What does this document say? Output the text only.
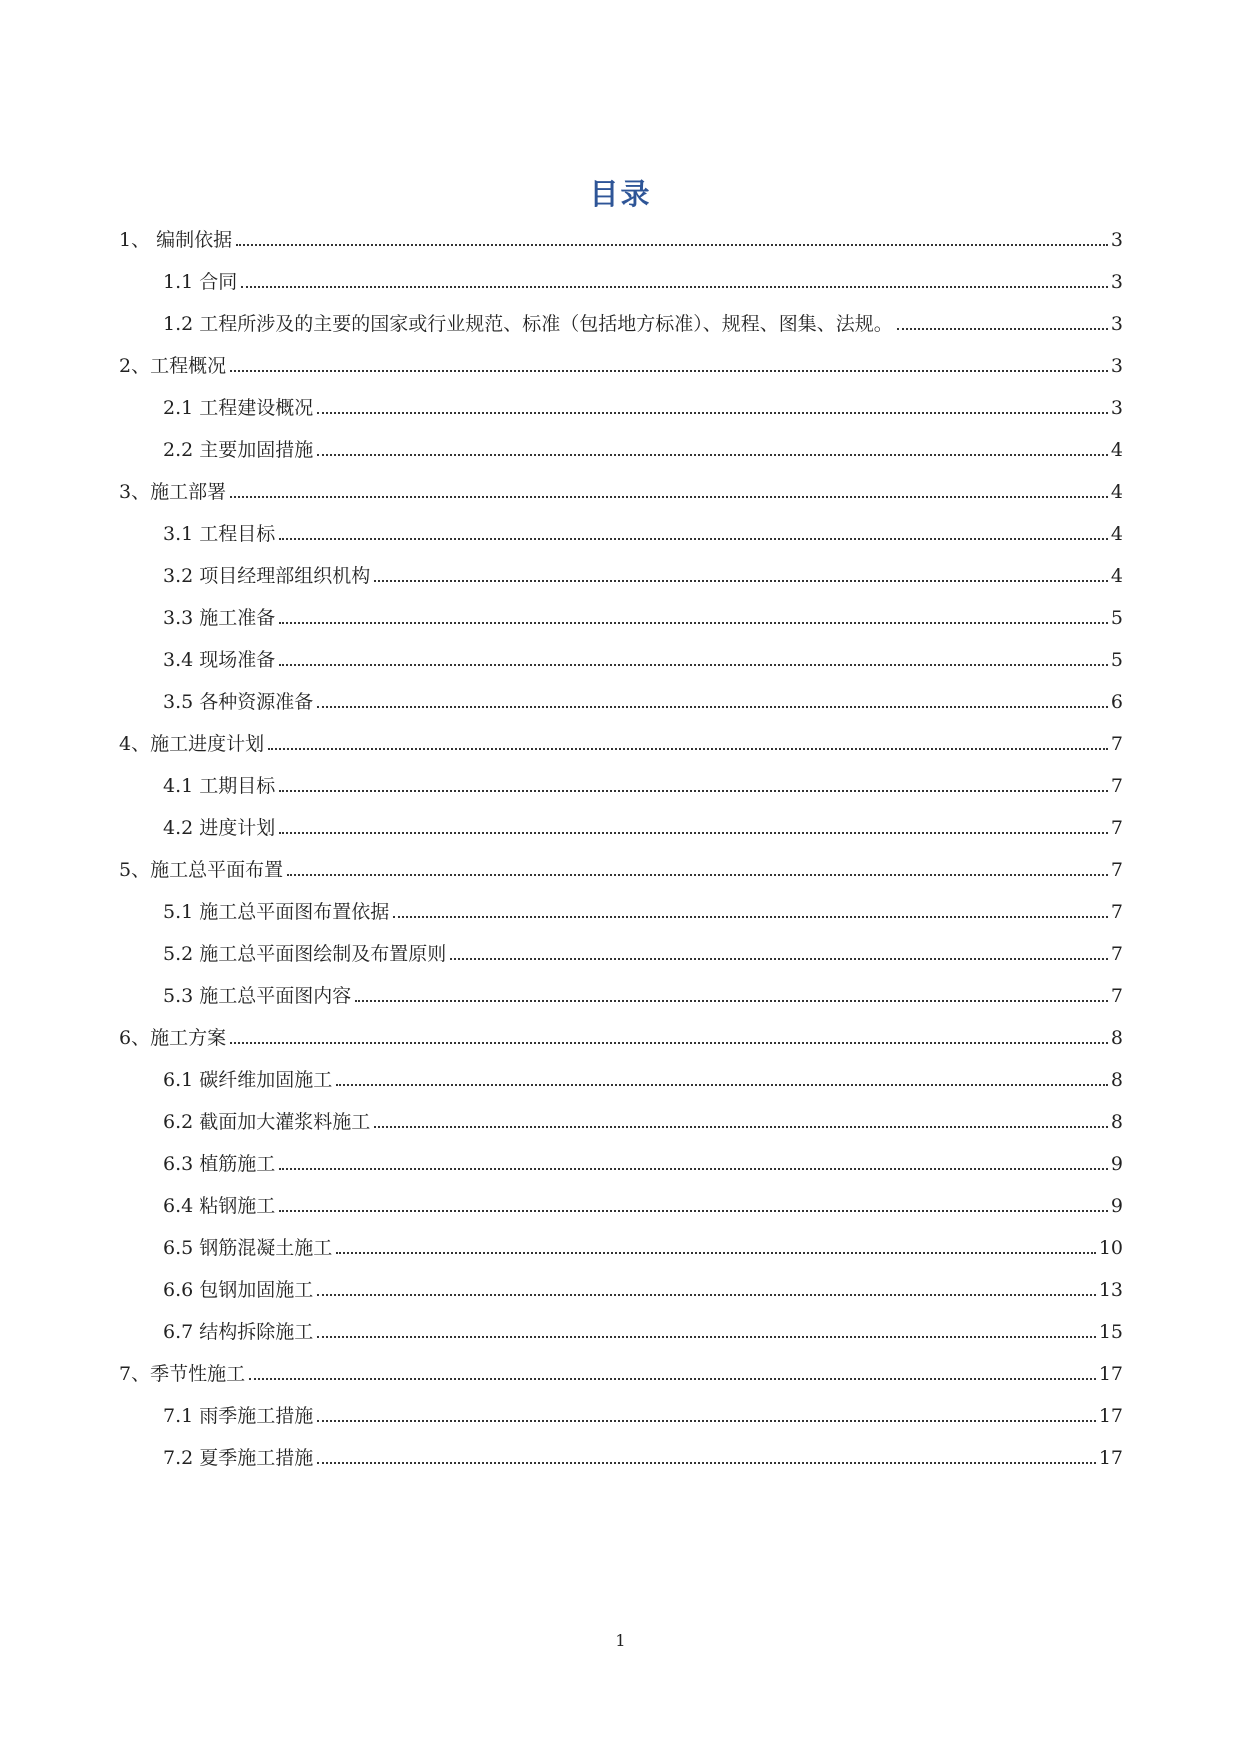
目录
1、 编制依据	3
1.1 合同	3
1.2 工程所涉及的主要的国家或行业规范、标准（包括地方标准）、规程、图集、法规。	3
2、工程概况	3
2.1 工程建设概况	3
2.2 主要加固措施	4
3、施工部署	4
3.1 工程目标	4
3.2 项目经理部组织机构	4
3.3 施工准备	5
3.4 现场准备	5
3.5 各种资源准备	6
4、施工进度计划	7
4.1 工期目标	7
4.2 进度计划	7
5、施工总平面布置	7
5.1 施工总平面图布置依据	7
5.2 施工总平面图绘制及布置原则	7
5.3 施工总平面图内容	7
6、施工方案	8
6.1 碳纤维加固施工	8
6.2 截面加大灌浆料施工	8
6.3 植筋施工	9
6.4 粘钢施工	9
6.5 钢筋混凝土施工	10
6.6 包钢加固施工	13
6.7 结构拆除施工	15
7、季节性施工	17
7.1 雨季施工措施	17
7.2 夏季施工措施	17
1
